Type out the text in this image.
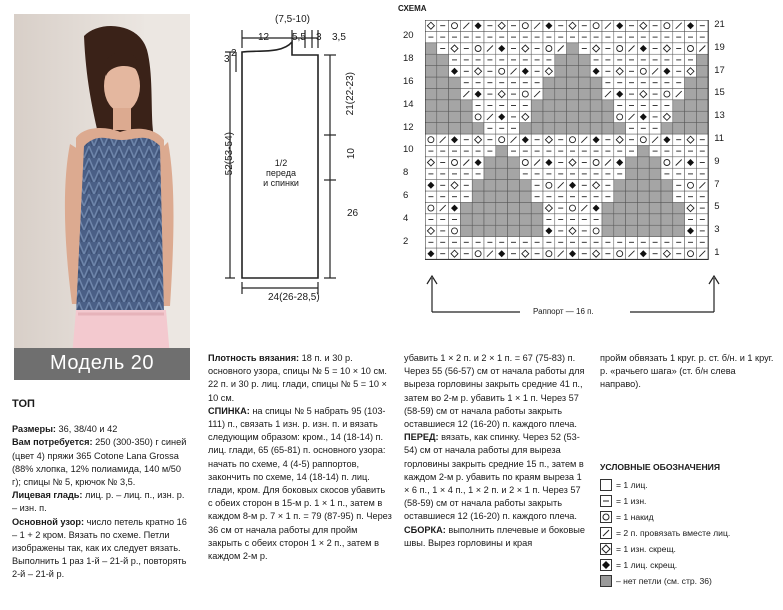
Модель 20
(7,5-10)
12 5,5 3 3,5
3
2
21(22-23)
10
26
52(53-54)	1/2 переда
и спинки
24(26-28,5)
СХЕМА
20
18
16
14
12
10
8
6
4
2
21
19
17
15
13
11
9
7
5
3
1
Раппорт — 16 п.
ТОП

Размеры: 36, 38/40 и 42

Вам потребуется: 250 (300-350) г синей (цвет 4) пряжи 365 Cotone Lana Grossa (88% хлопка, 12% полиамида, 140 м/50 г); спицы № 5, крючок № 3,5.

Лицевая гладь: лиц. р. – лиц. п., изн. р. – изн. п.

Основной узор: число петель кратно 16 – 1 + 2 кром. Вязать по схеме. Петли изображены так, как их следует вязать. Выполнить 1 раз 1-й – 21-й р., повторять 2-й – 21-й р.

Плотность вязания: 18 п. и 30 р. основного узора, спицы № 5 = 10 × 10 см. 22 п. и 30 р. лиц. глади, спицы № 5 = 10 × 10 см.

СПИНКА: на спицы № 5 набрать 95 (103-111) п., связать 1 изн. р. изн. п. и вязать следующим образом: кром., 14 (18-14) п. лиц. глади, 65 (65-81) п. основного узора: начать по схеме, 4 (4-5) раппортов, закончить по схеме, 14 (18-14) п. лиц. глади, кром. Для боковых скосов убавить с обеих сторон в 15-м р. 1 × 1 п., затем в каждом 8-м р. 7 × 1 п. = 79 (87-95) п. Через 36 см от начала работы для пройм закрыть с обеих сторон 1 × 2 п., затем в каждом 2-м р.

убавить 1 × 2 п. и 2 × 1 п. = 67 (75-83) п. Через 55 (56-57) см от начала работы для выреза горловины закрыть средние 41 п., затем во 2-м р. убавить 1 × 1 п. Через 57 (58-59) см от начала работы закрыть оставшиеся 12 (16-20) п. каждого плеча.

ПЕРЕД: вязать, как спинку. Через 52 (53-54) см от начала работы для выреза горловины закрыть средние 15 п., затем в каждом 2-м р. убавить по краям выреза 1 × 6 п., 1 × 4 п., 1 × 2 п. и 2 × 1 п. Через 57 (58-59) см от начала работы закрыть оставшиеся 12 (16-20) п. каждого плеча.

СБОРКА: выполнить плечевые и боковые швы. Вырез горловины и края

пройм обвязать 1 круг. р. ст. б/н. и 1 круг. р. «рачьего шага» (ст. б/н слева направо).

УСЛОВНЫЕ ОБОЗНАЧЕНИЯ
= 1 лиц.
= 1 изн.
= 1 накид
= 2 п. провязать вместе лиц.
= 1 изн. скрещ.
= 1 лиц. скрещ.
– нет петли (см. стр. 36)
